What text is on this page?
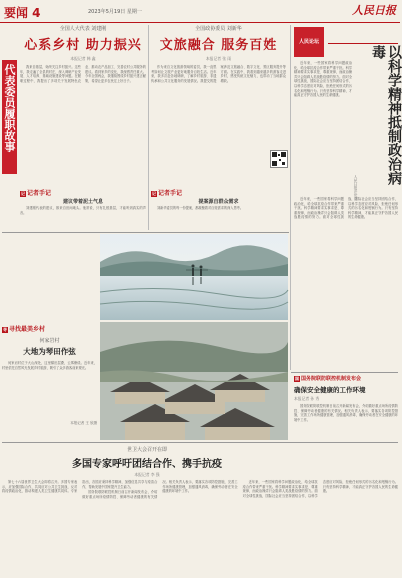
要闻 4	2023年5月19日 星期一	人民日报
代表委员履职故事
全国人大代表 刘建刚
心系乡村 助力振兴
本报记者 韩 鑫

我来自基层，始终关注乡村振兴。这些年，我走遍了全县的村庄，深入调研产业发展、人才培养、基础设施建设等问题。在履职过程中，我提出了多项关于发展特色农业、推动农产品加工、完善农村公共服务的建议。看到家乡的变化，我深感责任重大。今年全国两会，我继续围绕乡村振兴建言献策，希望让更多农民过上好日子。

全国政协委员 刘新华
文旅融合 服务百姓
本报记者 张 雨

作为来自文化旅游领域的委员，我一直思考如何让文旅产业更好地服务百姓生活。近年来，我多次赴各地调研，了解乡村旅游、非遗传承和公共文化服务的发展情况。我提交的提案涉及文旅融合、数字文化、景区服务提升等方面。在实践中，我看到越来越多的游客走进乡村，感受传统文化魅力，也带动了当地群众增收。

记 记者手记
建议带着泥土气息

刘建刚代表的建议，都来自田间地头。他常说，只有扎根基层，才能听到真实的声音。

记 记者手记
提案源自群众需求

刘新华委员的每一份提案，都凝聚着对百姓需求的深入思考。

寻 寻找最美乡村
何家岩村
大地为琴田作弦

何家岩村位于大山深处，这里梯田层叠，云雾缭绕。近年来，村里依托自然风光发展乡村旅游，吸引了众多游客前来观光。

本报记者 王 欣摄
人民论坛
以科学精神抵制政治病毒
人民日报评论员

近年来，一些国家将科学问题政治化，给全球抗疫合作带来严重干扰。科学精神要求实事求是、尊重规律，而政治操弄只会阻碍人类战胜疫情的努力。面对全球性挑战，国际社会应当坚持团结合作，以科学态度应对风险，拒绝任何形式的污名化和甩锅行为。只有坚持科学精神，才能真正守护各国人民的生命健康。

近年来，一些国家将科学问题政治化，给全球抗疫合作带来严重干扰。科学精神要求实事求是、尊重规律，而政治操弄只会阻碍人类战胜疫情的努力。面对全球性挑战，国际社会应当坚持团结合作，以科学态度应对风险，拒绝任何形式的污名化和甩锅行为。只有坚持科学精神，才能真正守护各国人民的生命健康。

国 国务院联防联控机制发布会
确保安全健康的工作环境
本报记者 孙 秀

国务院联防联控机制日前召开新闻发布会，介绍做好重点场所疫情防控、保障劳动者健康的有关情况。相关负责人表示，要落实各项防控措施，完善工作场所健康管理，加强通风消毒，确保劳动者在安全健康的环境中工作。

世卫大会召开在即
多国专家呼吁团结合作、携手抗疫
本报记者 李 强

第七十六届世界卫生大会即将召开。多国专家表示，应加强国际合作，共同应对公共卫生挑战，反对将疫情政治化，推动构建人类卫生健康共同体。专家指出，各国应秉持科学精神，加强信息共享与疫苗合作，帮助发展中国家提升卫生能力。

国务院联防联控机制日前召开新闻发布会，介绍做好重点场所疫情防控、保障劳动者健康的有关情况。相关负责人表示，要落实各项防控措施，完善工作场所健康管理，加强通风消毒，确保劳动者在安全健康的环境中工作。

近年来，一些国家将科学问题政治化，给全球抗疫合作带来严重干扰。科学精神要求实事求是、尊重规律，而政治操弄只会阻碍人类战胜疫情的努力。面对全球性挑战，国际社会应当坚持团结合作，以科学态度应对风险，拒绝任何形式的污名化和甩锅行为。只有坚持科学精神，才能真正守护各国人民的生命健康。
